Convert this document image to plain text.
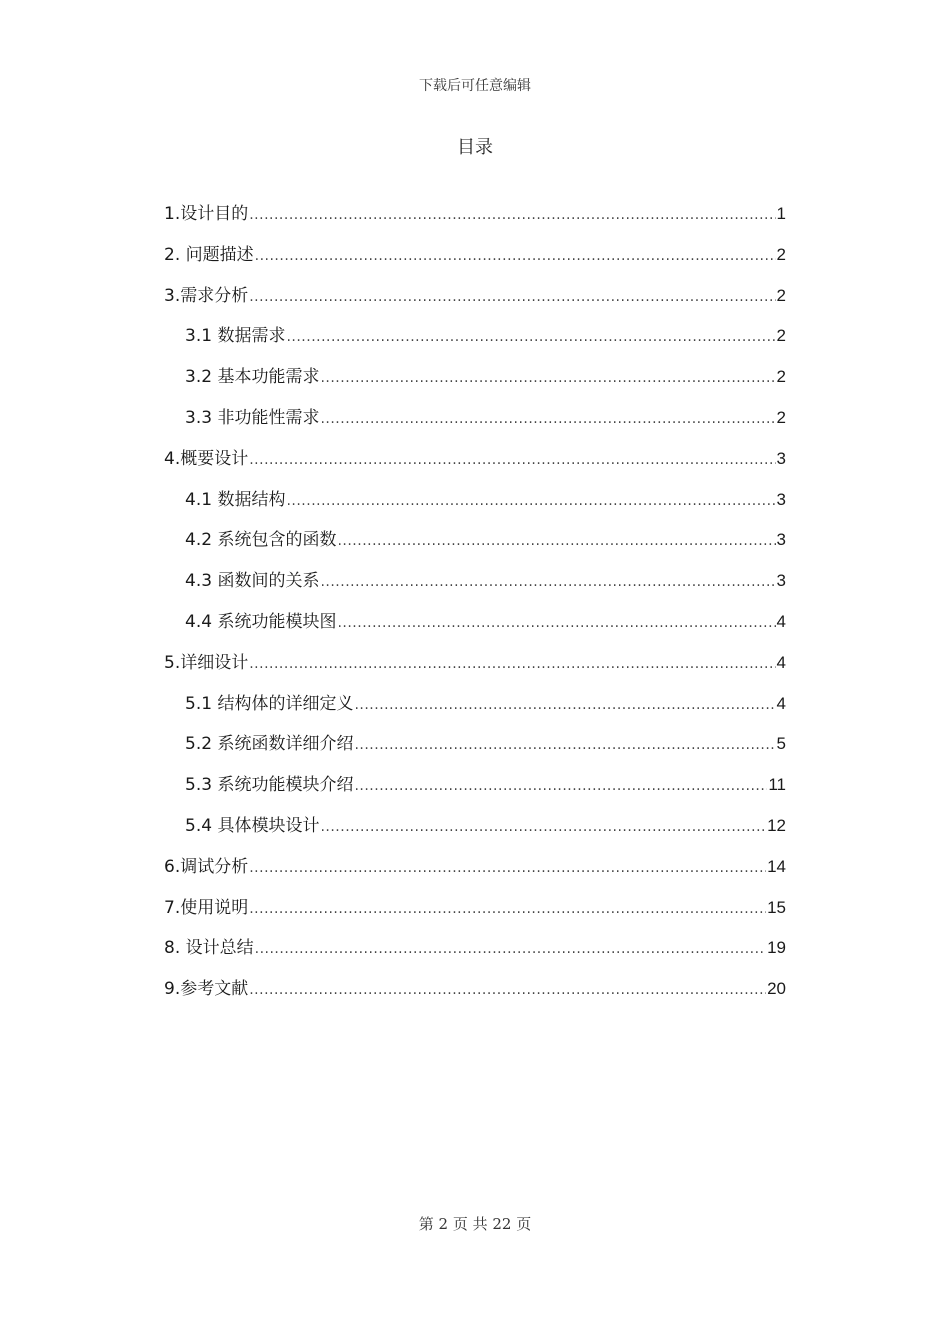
下载后可任意编辑
目录
1.设计目的 .....	1
2. 问题描述 .....	2
3.需求分析 .....	2
3.1 数据需求 .....	2
3.2 基本功能需求 .....	2
3.3 非功能性需求 .....	2
4.概要设计 .....	3
4.1 数据结构 .....	3
4.2 系统包含的函数 .....	3
4.3 函数间的关系 .....	3
4.4 系统功能模块图 .....	4
5.详细设计 .....	4
5.1 结构体的详细定义 .....	4
5.2 系统函数详细介绍 .....	5
5.3 系统功能模块介绍 .....	11
5.4 具体模块设计 .....	12
6.调试分析 .....	14
7.使用说明 .....	15
8. 设计总结 .....	19
9.参考文献 .....	20
第 2 页 共 22 页
